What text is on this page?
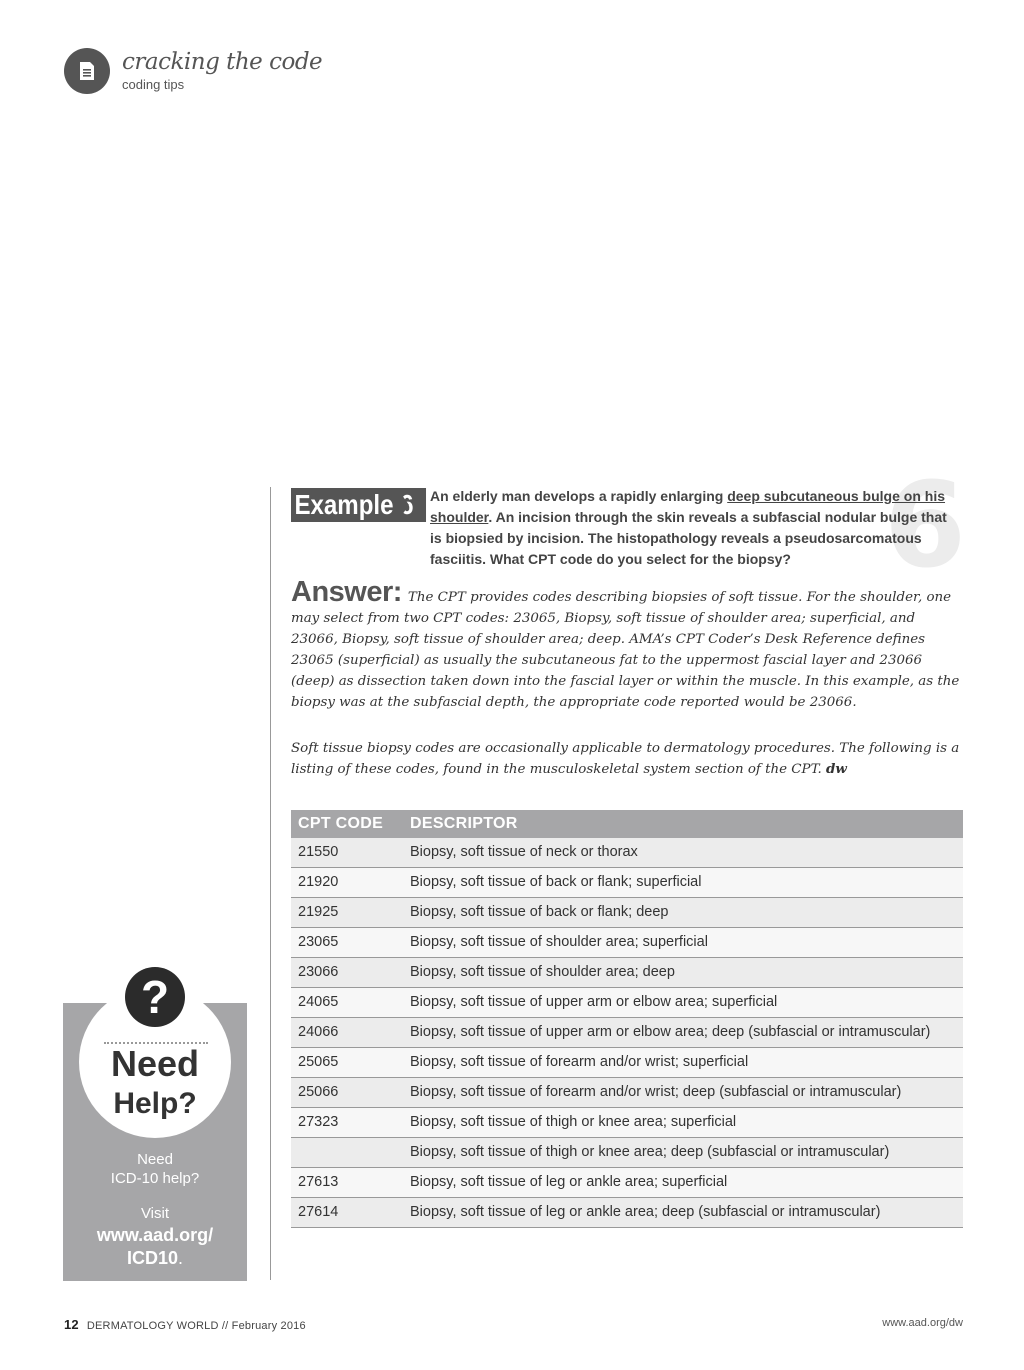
cracking the code
coding tips
6
Example 6	An elderly man develops a rapidly enlarging deep subcutaneous bulge on his
shoulder. An incision through the skin reveals a subfascial nodular bulge that is biopsied by incision. The histopathology reveals a pseudosarcomatous fasciitis. What CPT code do you select for the biopsy?
Answer: The CPT provides codes describing biopsies of soft tissue. For the shoulder, one may select from two CPT codes: 23065, Biopsy, soft tissue of shoulder area; superficial, and 23066, Biopsy, soft tissue of shoulder area; deep. AMA’s CPT Coder’s Desk Reference defines 23065 (superficial) as usually the subcutaneous fat to the uppermost fascial layer and 23066 (deep) as dissection taken down into the fascial layer or within the muscle. In this example, as the biopsy was at the subfascial depth, the appropriate code reported would be 23066.
Soft tissue biopsy codes are occasionally applicable to dermatology procedures. The following is a listing of these codes, found in the musculoskeletal system section of the CPT. dw
CPT CODE	DESCRIPTOR
21550	Biopsy, soft tissue of neck or thorax
21920	Biopsy, soft tissue of back or flank; superficial
21925	Biopsy, soft tissue of back or flank; deep
23065	Biopsy, soft tissue of shoulder area; superficial
23066	Biopsy, soft tissue of shoulder area; deep
24065	Biopsy, soft tissue of upper arm or elbow area; superficial
24066	Biopsy, soft tissue of upper arm or elbow area; deep (subfascial or intramuscular)
25065	Biopsy, soft tissue of forearm and/or wrist; superficial
25066	Biopsy, soft tissue of forearm and/or wrist; deep (subfascial or intramuscular)
27323	Biopsy, soft tissue of thigh or knee area; superficial
	Biopsy, soft tissue of thigh or knee area; deep (subfascial or intramuscular)
27613	Biopsy, soft tissue of leg or ankle area; superficial
27614	Biopsy, soft tissue of leg or ankle area; deep (subfascial or intramuscular)
?
Need
Help?
Need
ICD-10 help?
Visit
www.aad.org/
ICD10.
12 DERMATOLOGY WORLD // February 2016	www.aad.org/dw
